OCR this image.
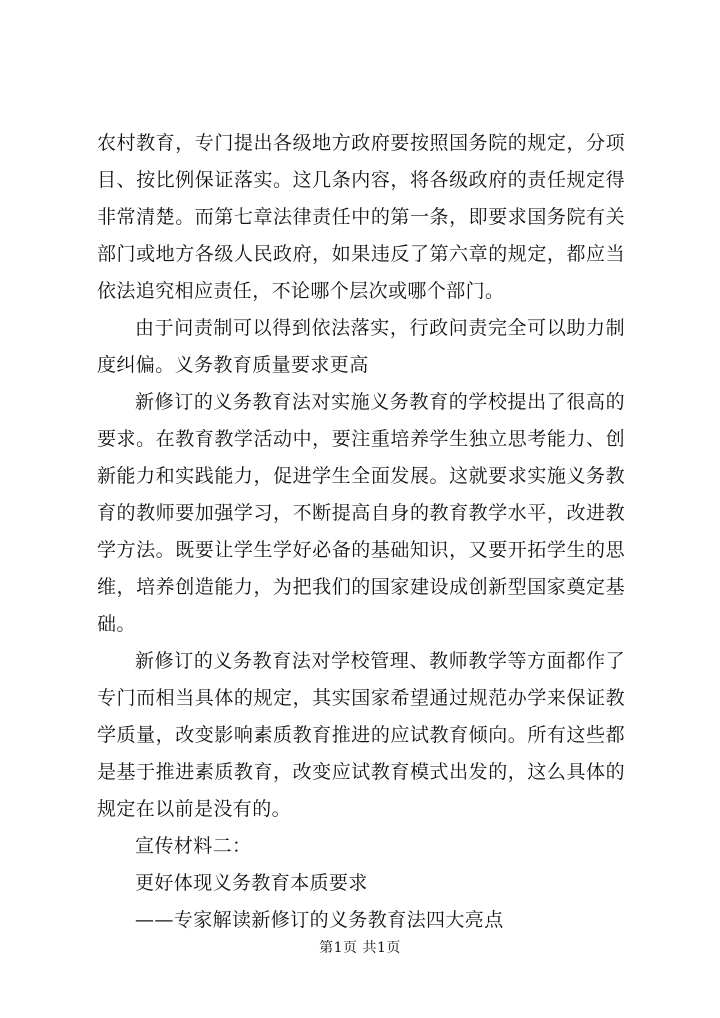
农村教育，专门提出各级地方政府要按照国务院的规定，分项目、按比例保证落实。这几条内容，将各级政府的责任规定得非常清楚。而第七章法律责任中的第一条，即要求国务院有关部门或地方各级人民政府，如果违反了第六章的规定，都应当依法追究相应责任，不论哪个层次或哪个部门。

由于问责制可以得到依法落实，行政问责完全可以助力制度纠偏。义务教育质量要求更高

新修订的义务教育法对实施义务教育的学校提出了很高的要求。在教育教学活动中，要注重培养学生独立思考能力、创新能力和实践能力，促进学生全面发展。这就要求实施义务教育的教师要加强学习，不断提高自身的教育教学水平，改进教学方法。既要让学生学好必备的基础知识，又要开拓学生的思维，培养创造能力，为把我们的国家建设成创新型国家奠定基础。

新修订的义务教育法对学校管理、教师教学等方面都作了专门而相当具体的规定，其实国家希望通过规范办学来保证教学质量，改变影响素质教育推进的应试教育倾向。所有这些都是基于推进素质教育，改变应试教育模式出发的，这么具体的规定在以前是没有的。

宣传材料二：

更好体现义务教育本质要求

——专家解读新修订的义务教育法四大亮点

第1页 共1页
